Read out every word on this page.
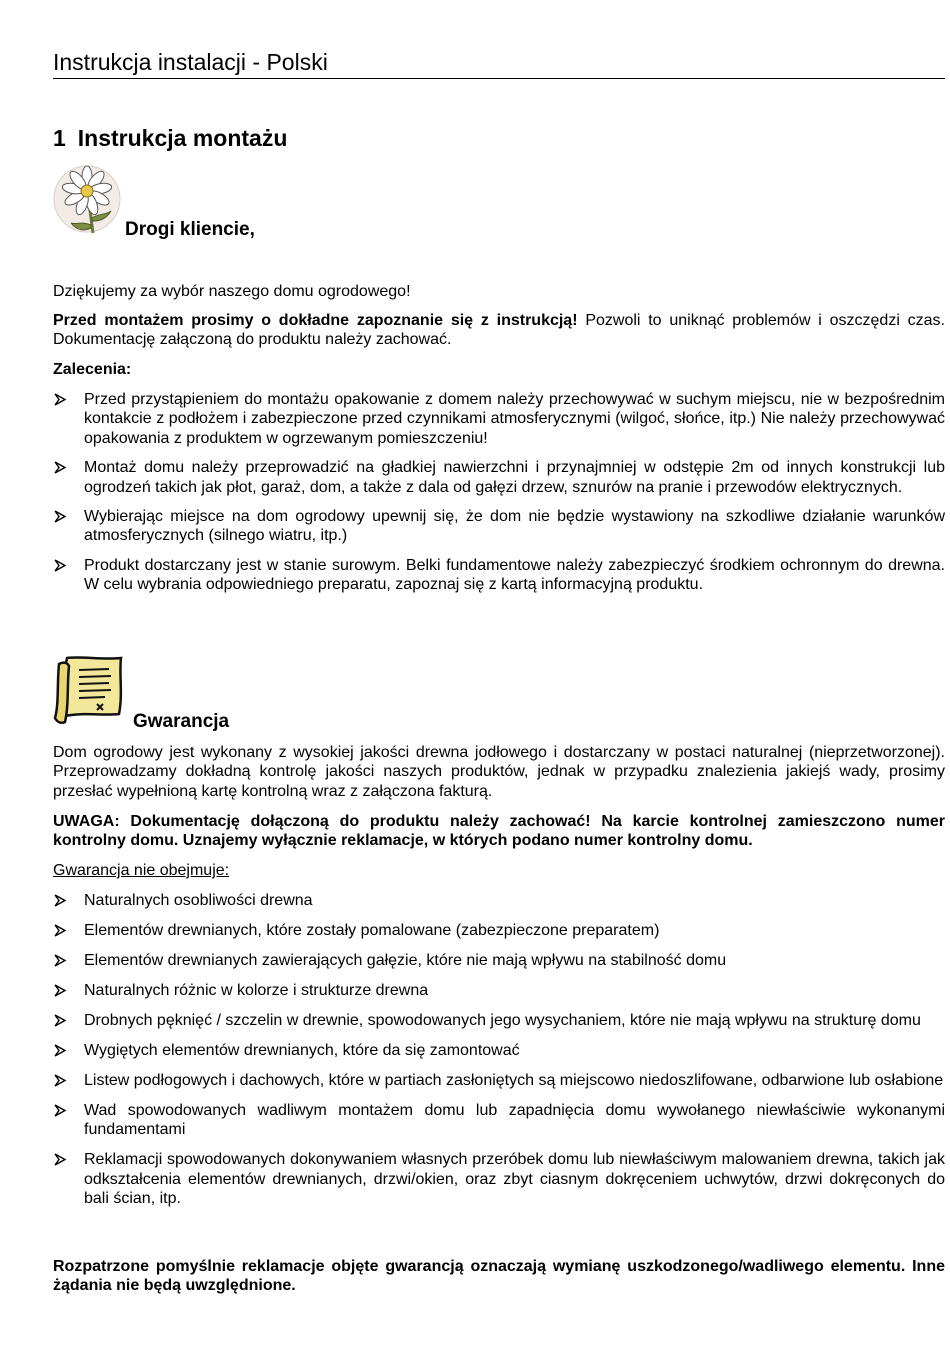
Instrukcja instalacji - Polski
1 Instrukcja montażu
Drogi kliencie,
Dziękujemy za wybór naszego domu ogrodowego!
Przed montażem prosimy o dokładne zapoznanie się z instrukcją! Pozwoli to uniknąć problemów i oszczędzi czas. Dokumentację załączoną do produktu należy zachować.
Zalecenia:
Przed przystąpieniem do montażu opakowanie z domem należy przechowywać w suchym miejscu, nie w bezpośrednim kontakcie z podłożem i zabezpieczone przed czynnikami atmosferycznymi (wilgoć, słońce, itp.) Nie należy przechowywać opakowania z produktem w ogrzewanym pomieszczeniu!
Montaż domu należy przeprowadzić na gładkiej nawierzchni i przynajmniej w odstępie 2m od innych konstrukcji lub ogrodzeń takich jak płot, garaż, dom, a także z dala od gałęzi drzew, sznurów na pranie i przewodów elektrycznych.
Wybierając miejsce na dom ogrodowy upewnij się, że dom nie będzie wystawiony na szkodliwe działanie warunków atmosferycznych (silnego wiatru, itp.)
Produkt dostarczany jest w stanie surowym. Belki fundamentowe należy zabezpieczyć środkiem ochronnym do drewna. W celu wybrania odpowiedniego preparatu, zapoznaj się z kartą informacyjną produktu.
Gwarancja
Dom ogrodowy jest wykonany z wysokiej jakości drewna jodłowego i dostarczany w postaci naturalnej (nieprzetworzonej). Przeprowadzamy dokładną kontrolę jakości naszych produktów, jednak w przypadku znalezienia jakiejś wady, prosimy przesłać wypełnioną kartę kontrolną wraz z załączona fakturą.
UWAGA: Dokumentację dołączoną do produktu należy zachować! Na karcie kontrolnej zamieszczono numer kontrolny domu. Uznajemy wyłącznie reklamacje, w których podano numer kontrolny domu.
Gwarancja nie obejmuje:
Naturalnych osobliwości drewna
Elementów drewnianych, które zostały pomalowane (zabezpieczone preparatem)
Elementów drewnianych zawierających gałęzie, które nie mają wpływu na stabilność domu
Naturalnych różnic w kolorze i strukturze drewna
Drobnych pęknięć / szczelin w drewnie, spowodowanych jego wysychaniem, które nie mają wpływu na strukturę domu
Wygiętych elementów drewnianych, które da się zamontować
Listew podłogowych i dachowych, które w partiach zasłoniętych są miejscowo niedoszlifowane, odbarwione lub osłabione
Wad spowodowanych wadliwym montażem domu lub zapadnięcia domu wywołanego niewłaściwie wykonanymi fundamentami
Reklamacji spowodowanych dokonywaniem własnych przeróbek domu lub niewłaściwym malowaniem drewna, takich jak odkształcenia elementów drewnianych, drzwi/okien, oraz zbyt ciasnym dokręceniem uchwytów, drzwi dokręconych do bali ścian, itp.
Rozpatrzone pomyślnie reklamacje objęte gwarancją oznaczają wymianę uszkodzonego/wadliwego elementu. Inne żądania nie będą uwzględnione.
